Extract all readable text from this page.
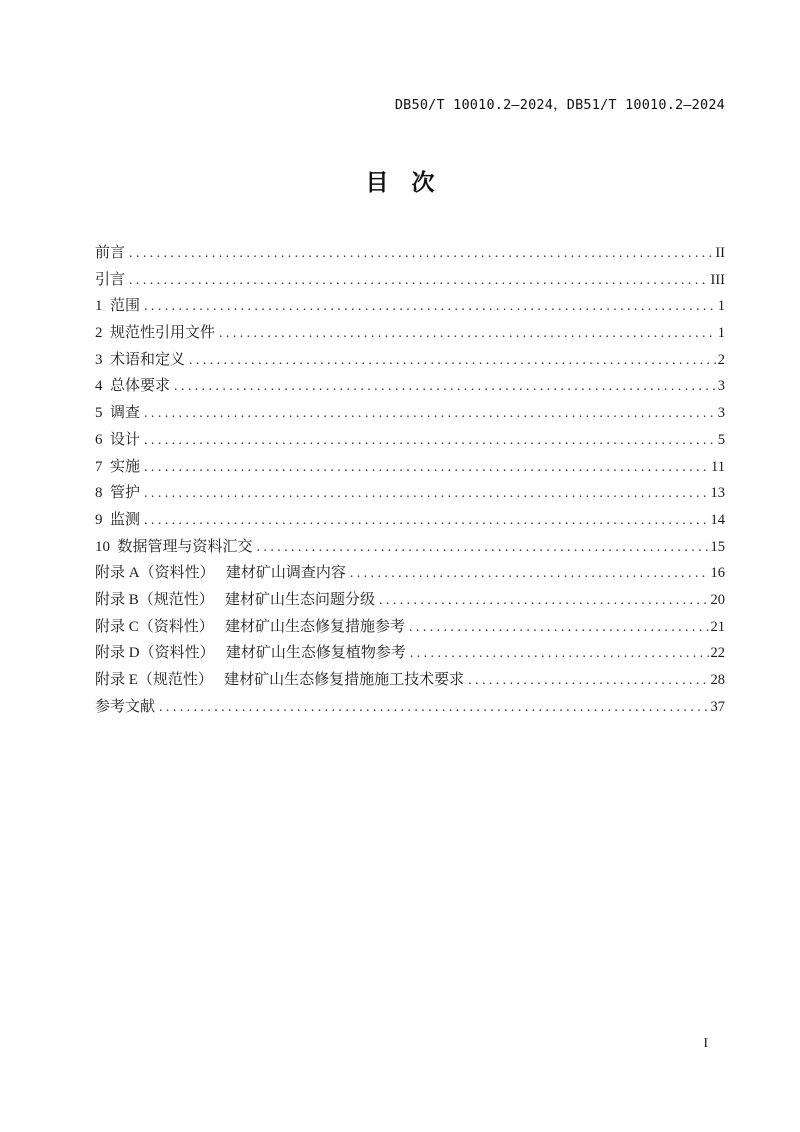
DB50/T 10010.2—2024，DB51/T 10010.2—2024
目    次
前言 .....	II
引言 .....	III
1  范围 .....	1
2  规范性引用文件 .....	1
3  术语和定义 .....	2
4  总体要求 .....	3
5  调查 .....	3
6  设计 .....	5
7  实施 .....	11
8  管护 .....	13
9  监测 .....	14
10  数据管理与资料汇交 .....	15
附录 A（资料性）   建材矿山调查内容 .....	16
附录 B（规范性）   建材矿山生态问题分级 .....	20
附录 C（资料性）   建材矿山生态修复措施参考 .....	21
附录 D（资料性）   建材矿山生态修复植物参考 .....	22
附录 E（规范性）   建材矿山生态修复措施施工技术要求 .....	28
参考文献 .....	37
I
